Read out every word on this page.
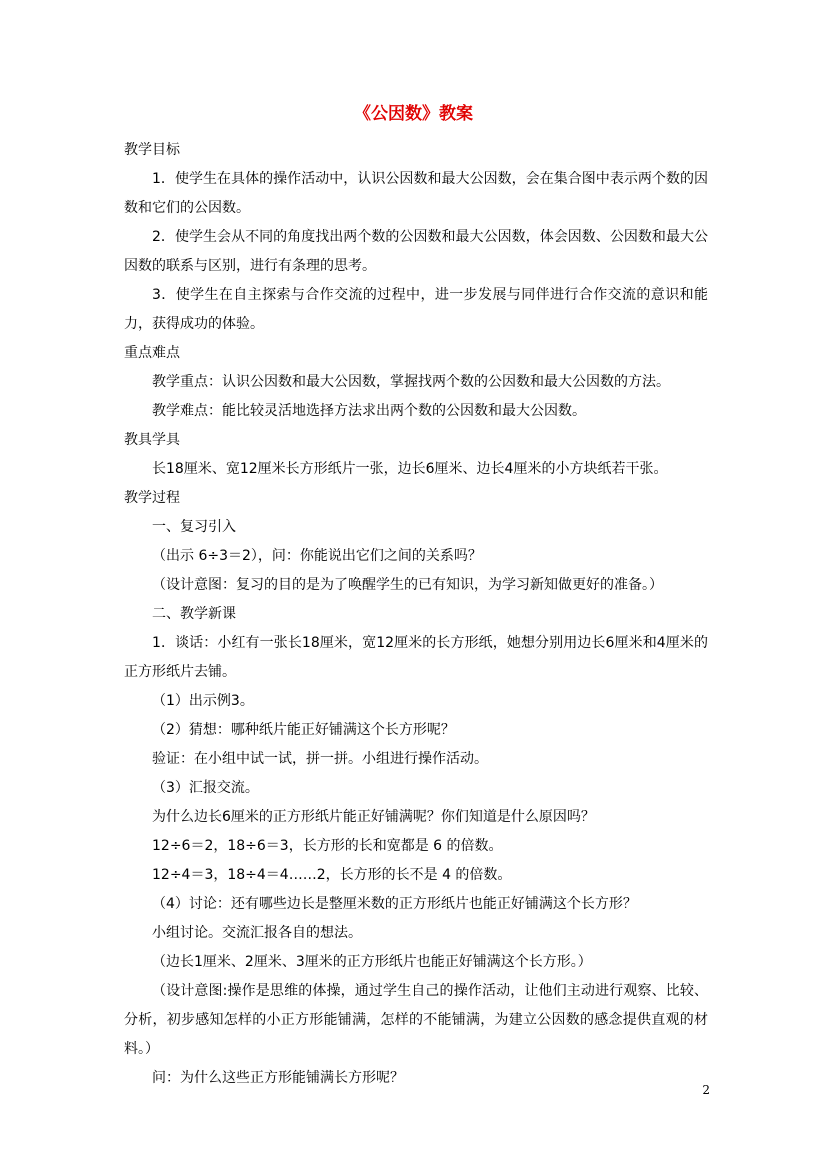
《公因数》教案

教学目标

1．使学生在具体的操作活动中，认识公因数和最大公因数，会在集合图中表示两个数的因数和它们的公因数。

2．使学生会从不同的角度找出两个数的公因数和最大公因数，体会因数、公因数和最大公因数的联系与区别，进行有条理的思考。

3．使学生在自主探索与合作交流的过程中，进一步发展与同伴进行合作交流的意识和能力，获得成功的体验。

重点难点

教学重点：认识公因数和最大公因数，掌握找两个数的公因数和最大公因数的方法。

教学难点：能比较灵活地选择方法求出两个数的公因数和最大公因数。

教具学具

长18厘米、宽12厘米长方形纸片一张，边长6厘米、边长4厘米的小方块纸若干张。

教学过程

一、复习引入

（出示 6÷3＝2），问：你能说出它们之间的关系吗？

（设计意图：复习的目的是为了唤醒学生的已有知识，为学习新知做更好的准备。）

二、教学新课

1．谈话：小红有一张长18厘米，宽12厘米的长方形纸，她想分别用边长6厘米和4厘米的正方形纸片去铺。

（1）出示例3。

（2）猜想：哪种纸片能正好铺满这个长方形呢？

验证：在小组中试一试，拼一拼。小组进行操作活动。

（3）汇报交流。

为什么边长6厘米的正方形纸片能正好铺满呢？你们知道是什么原因吗？

12÷6＝2，18÷6＝3，长方形的长和宽都是 6 的倍数。

12÷4＝3，18÷4＝4……2，长方形的长不是 4 的倍数。

（4）讨论：还有哪些边长是整厘米数的正方形纸片也能正好铺满这个长方形？

小组讨论。交流汇报各自的想法。

（边长1厘米、2厘米、3厘米的正方形纸片也能正好铺满这个长方形。）

（设计意图:操作是思维的体操，通过学生自己的操作活动，让他们主动进行观察、比较、分析，初步感知怎样的小正方形能铺满，怎样的不能铺满，为建立公因数的感念提供直观的材料。）

问：为什么这些正方形能铺满长方形呢？

2
